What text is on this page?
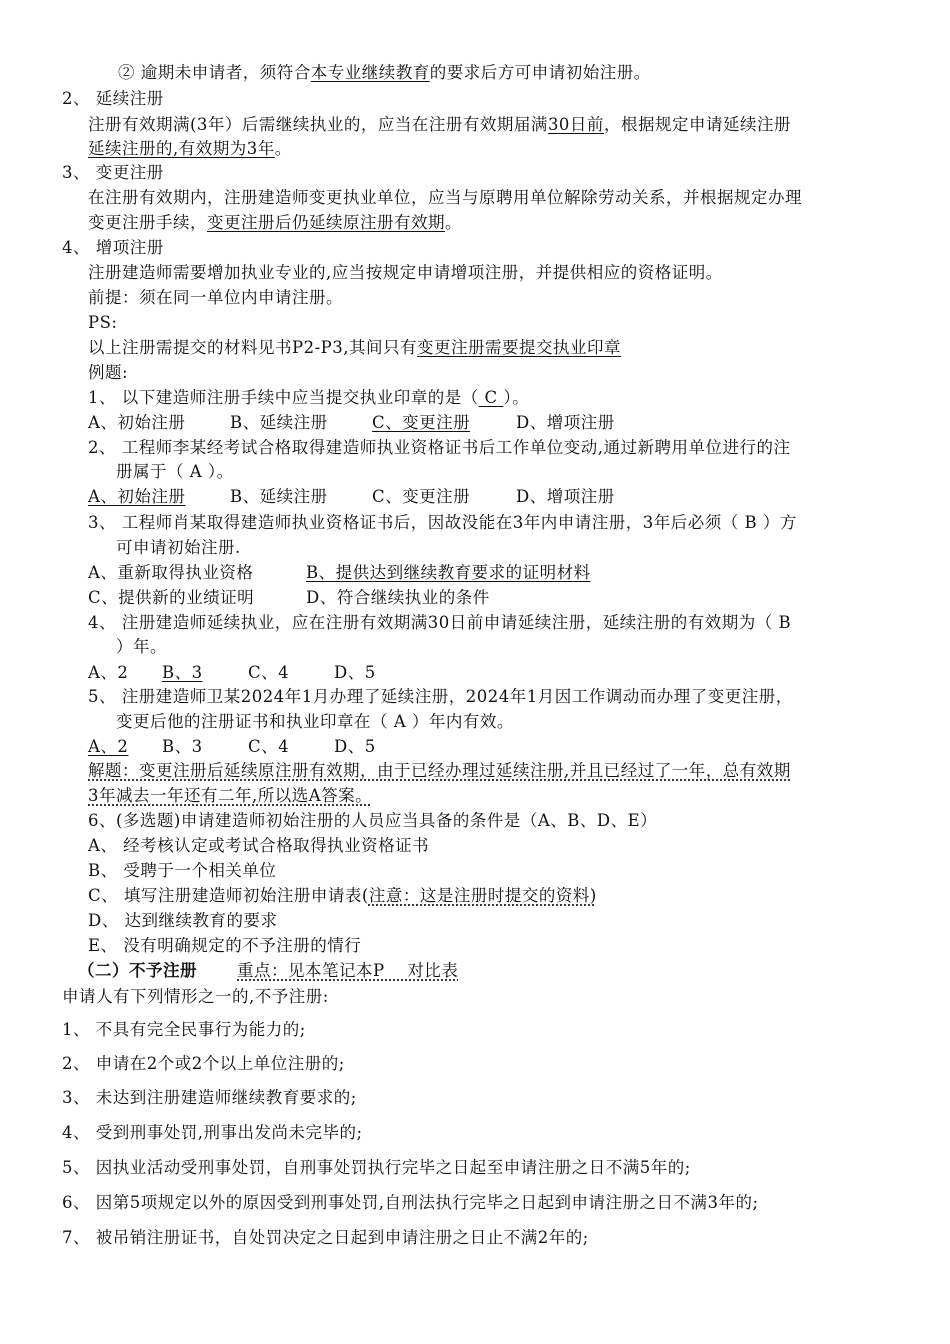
② 逾期未申请者，须符合本专业继续教育的要求后方可申请初始注册。
2、 延续注册
注册有效期满(3年）后需继续执业的，应当在注册有效期届满30日前，根据规定申请延续注册
延续注册的,有效期为3年。
3、 变更注册
在注册有效期内，注册建造师变更执业单位，应当与原聘用单位解除劳动关系，并根据规定办理
变更注册手续，变更注册后仍延续原注册有效期。
4、 增项注册
注册建造师需要增加执业专业的,应当按规定申请增项注册，并提供相应的资格证明。
前提：须在同一单位内申请注册。
PS:
以上注册需提交的材料见书P2-P3,其间只有变更注册需要提交执业印章
例题:
1、 以下建造师注册手续中应当提交执业印章的是（ C ）。
A、初始注册	B、延续注册	C、变更注册	D、增项注册
2、 工程师李某经考试合格取得建造师执业资格证书后工作单位变动,通过新聘用单位进行的注
册属于（ A ）。
A、初始注册	B、延续注册	C、变更注册	D、增项注册
3、 工程师肖某取得建造师执业资格证书后，因故没能在3年内申请注册，3年后必须（ B ）方
可申请初始注册.
A、重新取得执业资格	B、提供达到继续教育要求的证明材料
C、提供新的业绩证明	D、符合继续执业的条件
4、 注册建造师延续执业，应在注册有效期满30日前申请延续注册，延续注册的有效期为（ B
）年。
A、2 B、3	C、4	D、5
5、 注册建造师卫某2024年1月办理了延续注册，2024年1月因工作调动而办理了变更注册，
变更后他的注册证书和执业印章在（ A ）年内有效。
A、2 B、3	C、4	D、5
解题：变更注册后延续原注册有效期，由于已经办理过延续注册,并且已经过了一年，总有效期
3年减去一年还有二年,所以选A答案。
6、(多选题)申请建造师初始注册的人员应当具备的条件是（A、B、D、E）
A、 经考核认定或考试合格取得执业资格证书
B、 受聘于一个相关单位
C、 填写注册建造师初始注册申请表(注意：这是注册时提交的资料)
D、 达到继续教育的要求
E、 没有明确规定的不予注册的情行
（二）不予注册 重点：见本笔记本P　 对比表
申请人有下列情形之一的,不予注册:
1、 不具有完全民事行为能力的;
2、 申请在2个或2个以上单位注册的;
3、 未达到注册建造师继续教育要求的;
4、 受到刑事处罚,刑事出发尚未完毕的;
5、 因执业活动受刑事处罚，自刑事处罚执行完毕之日起至申请注册之日不满5年的;
6、 因第5项规定以外的原因受到刑事处罚,自刑法执行完毕之日起到申请注册之日不满3年的;
7、 被吊销注册证书，自处罚决定之日起到申请注册之日止不满2年的;
